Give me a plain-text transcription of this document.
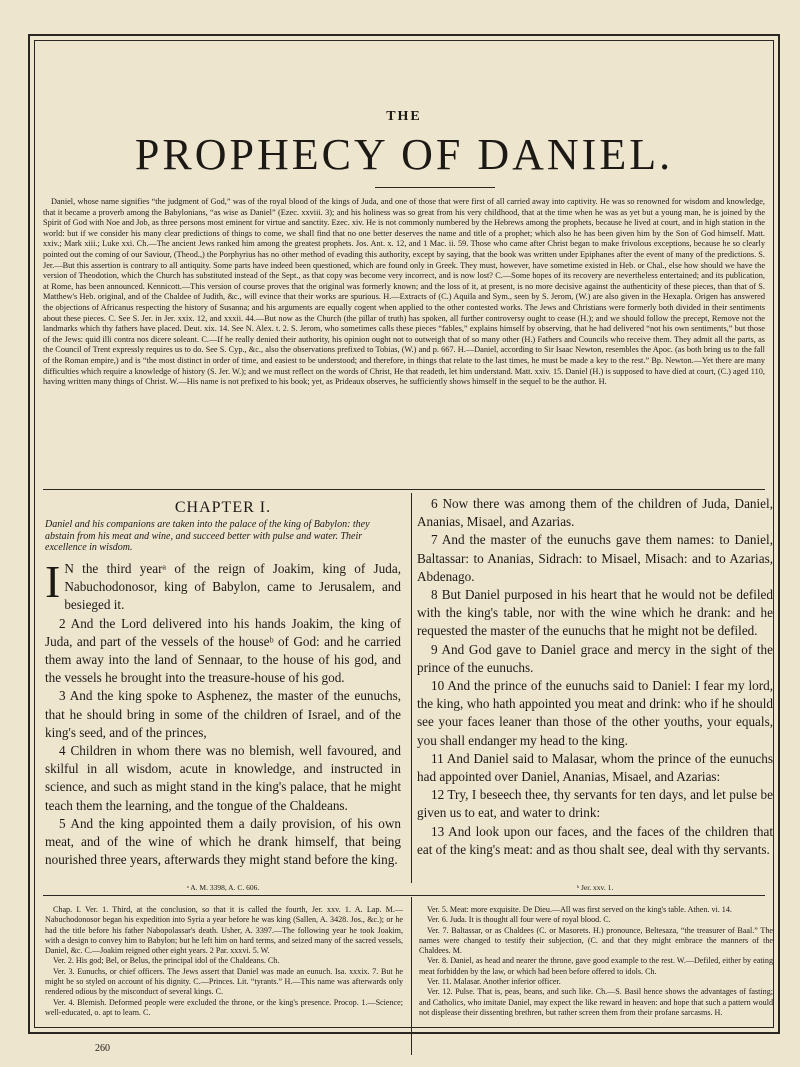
THE
PROPHECY OF DANIEL.
Daniel, whose name signifies “the judgment of God,” was of the royal blood of the kings of Juda, and one of those that were first of all carried away into captivity. He was so renowned for wisdom and knowledge, that it became a proverb among the Babylonians, “as wise as Daniel” (Ezec. xxviii. 3); and his holiness was so great from his very childhood, that at the time when he was as yet but a young man, he is joined by the Spirit of God with Noe and Job, as three persons most eminent for virtue and sanctity. Ezec. xiv. He is not commonly numbered by the Hebrews among the prophets, because he lived at court, and in high station in the world: but if we consider his many clear predictions of things to come, we shall find that no one better deserves the name and title of a prophet; which also he has been given him by the Son of God himself. Matt. xxiv.; Mark xiii.; Luke xxi. Ch.—The ancient Jews ranked him among the greatest prophets. Jos. Ant. x. 12, and 1 Mac. ii. 59. Those who came after Christ began to make frivolous exceptions, because he so clearly pointed out the coming of our Saviour, (Theod.,) the Porphyrius has no other method of evading this authority, except by saying, that the book was written under Epiphanes after the event of many of the predictions. S. Jer.—But this assertion is contrary to all antiquity. Some parts have indeed been questioned, which are found only in Greek. They must, however, have sometime existed in Heb. or Chal., else how should we have the version of Theodotion, which the Church has substituted instead of the Sept., as that copy was become very incorrect, and is now lost? C.—Some hopes of its recovery are nevertheless entertained; and its publication, at Rome, has been announced. Kennicott.—This version of course proves that the original was formerly known; and the loss of it, at present, is no more decisive against the authenticity of these pieces, than that of S. Matthew's Heb. original, and of the Chaldee of Judith, &c., will evince that their works are spurious. H.—Extracts of (C.) Aquila and Sym., seen by S. Jerom, (W.) are also given in the Hexapla. Origen has answered the objections of Africanus respecting the history of Susanna; and his arguments are equally cogent when applied to the other contested works. The Jews and Christians were formerly both divided in their sentiments about these pieces. C. See S. Jer. in Jer. xxix. 12, and xxxii. 44.—But now as the Church (the pillar of truth) has spoken, all further controversy ought to cease (H.); and we should follow the precept, Remove not the landmarks which thy fathers have placed. Deut. xix. 14. See N. Alex. t. 2. S. Jerom, who sometimes calls these pieces “fables,” explains himself by observing, that he had delivered “not his own sentiments,” but those of the Jews: quid illi contra nos dicere soleant. C.—If he really denied their authority, his opinion ought not to outweigh that of so many other (H.) Fathers and Councils who receive them. They admit all the parts, as the Council of Trent expressly requires us to do. See S. Cyp., &c., also the observations prefixed to Tobias, (W.) and p. 667. H.—Daniel, according to Sir Isaac Newton, resembles the Apoc. (as both bring us to the fall of the Roman empire,) and is “the most distinct in order of time, and easiest to be understood; and therefore, in things that relate to the last times, he must be made a key to the rest.” Bp. Newton.—Yet there are many difficulties which require a knowledge of history (S. Jer. W.); and we must reflect on the words of Christ, He that readeth, let him understand. Matt. xxiv. 15. Daniel (H.) is supposed to have died at court, (C.) aged 110, having written many things of Christ. W.—His name is not prefixed to his book; yet, as Prideaux observes, he sufficiently shows himself in the sequel to be the author. H.
CHAPTER I.
Daniel and his companions are taken into the palace of the king of Babylon: they abstain from his meat and wine, and succeed better with pulse and water. Their excellence in wisdom.

I N the third yearᵃ of the reign of Joakim, king of Juda, Nabuchodonosor, king of Babylon, came to Jerusalem, and besieged it.

2 And the Lord delivered into his hands Joakim, the king of Juda, and part of the vessels of the houseᵇ of God: and he carried them away into the land of Sennaar, to the house of his god, and the vessels he brought into the treasure-house of his god.

3 And the king spoke to Asphenez, the master of the eunuchs, that he should bring in some of the children of Israel, and of the king's seed, and of the princes,

4 Children in whom there was no blemish, well favoured, and skilful in all wisdom, acute in knowledge, and instructed in science, and such as might stand in the king's palace, that he might teach them the learning, and the tongue of the Chaldeans.

5 And the king appointed them a daily provision, of his own meat, and of the wine of which he drank himself, that being nourished three years, afterwards they might stand before the king.

6 Now there was among them of the children of Juda, Daniel, Ananias, Misael, and Azarias.

7 And the master of the eunuchs gave them names: to Daniel, Baltassar: to Ananias, Sidrach: to Misael, Misach: and to Azarias, Abdenago.

8 But Daniel purposed in his heart that he would not be defiled with the king's table, nor with the wine which he drank: and he requested the master of the eunuchs that he might not be defiled.

9 And God gave to Daniel grace and mercy in the sight of the prince of the eunuchs.

10 And the prince of the eunuchs said to Daniel: I fear my lord, the king, who hath appointed you meat and drink: who if he should see your faces leaner than those of the other youths, your equals, you shall endanger my head to the king.

11 And Daniel said to Malasar, whom the prince of the eunuchs had appointed over Daniel, Ananias, Misael, and Azarias:

12 Try, I beseech thee, thy servants for ten days, and let pulse be given us to eat, and water to drink:

13 And look upon our faces, and the faces of the children that eat of the king's meat: and as thou shalt see, deal with thy servants.

ᵃ A. M. 3398, A. C. 606.	ᵇ Jer. xxv. 1.

Chap. I. Ver. 1. Third, at the conclusion, so that it is called the fourth, Jer. xxv. 1. A. Lap. M.—Nabuchodonosor began his expedition into Syria a year before he was king (Sallen, A. 3428. Jos., &c.); or he had the title before his father Nabopolassar's death. Usher, A. 3397.—The following year he took Joakim, with a design to convey him to Babylon; but he left him on hard terms, and seized many of the sacred vessels, Daniel, &c. C.—Joakim reigned other eight years. 2 Par. xxxvi. 5. W.

Ver. 2. His god; Bel, or Belus, the principal idol of the Chaldeans. Ch.

Ver. 3. Eunuchs, or chief officers. The Jews assert that Daniel was made an eunuch. Isa. xxxix. 7. But he might be so styled on account of his dignity. C.—Princes. Lit. “tyrants.” H.—This name was afterwards only rendered odious by the misconduct of several kings. C.

Ver. 4. Blemish. Deformed people were excluded the throne, or the king's presence. Procop. 1.—Science; well-educated, o. apt to learn. C.

Ver. 5. Meat: more exquisite. De Dieu.—All was first served on the king's table. Athen. vi. 14.

Ver. 6. Juda. It is thought all four were of royal blood. C.

Ver. 7. Baltassar, or as Chaldees (C. or Masorets. H.) pronounce, Beltesaza, “the treasurer of Baal.” The names were changed to testify their subjection, (C. and that they might embrace the manners of the Chaldees. M.

Ver. 8. Daniel, as head and nearer the throne, gave good example to the rest. W.—Defiled, either by eating meat forbidden by the law, or which had been before offered to idols. Ch.

Ver. 11. Malasar. Another inferior officer.

Ver. 12. Pulse. That is, peas, beans, and such like. Ch.—S. Basil hence shows the advantages of fasting; and Catholics, who imitate Daniel, may expect the like reward in heaven: and hope that such a pattern would not displease their dissenting brethren, but rather screen them from their profane sarcasms. H.

260
